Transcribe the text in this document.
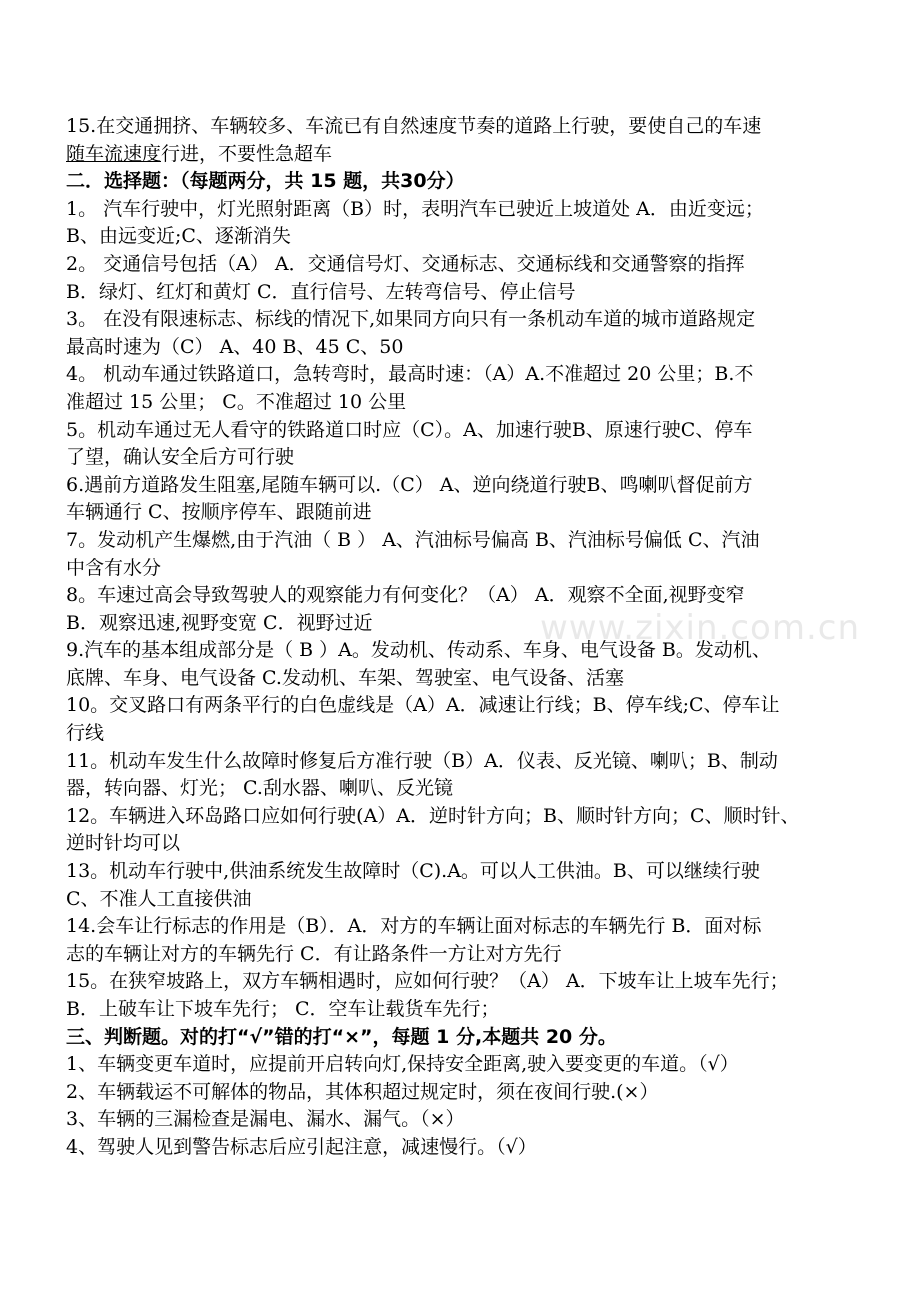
www.zixin.com.cn
15.在交通拥挤、车辆较多、车流已有自然速度节奏的道路上行驶，要使自己的车速
随车流速度行进，不要性急超车
二．选择题：（每题两分，共 15 题，共30分）
1。 汽车行驶中，灯光照射距离（B）时，表明汽车已驶近上坡道处 A．由近变远；
B、由远变近;C、逐渐消失
2。 交通信号包括（A） A．交通信号灯、交通标志、交通标线和交通警察的指挥
B．绿灯、红灯和黄灯 C．直行信号、左转弯信号、停止信号
3。 在没有限速标志、标线的情况下,如果同方向只有一条机动车道的城市道路规定
最高时速为（C） A、40 B、45 C、50
4。 机动车通过铁路道口，急转弯时，最高时速：（A）A.不准超过 20 公里；B.不
准超过 15 公里； C。不准超过 10 公里
5。机动车通过无人看守的铁路道口时应（C）。A、加速行驶B、原速行驶C、停车
了望，确认安全后方可行驶
6.遇前方道路发生阻塞,尾随车辆可以.（C） A、逆向绕道行驶B、鸣喇叭督促前方
车辆通行 C、按顺序停车、跟随前进
7。发动机产生爆燃,由于汽油（ B ） A、汽油标号偏高 B、汽油标号偏低 C、汽油
中含有水分
8。车速过高会导致驾驶人的观察能力有何变化？（A） A．观察不全面,视野变窄
B．观察迅速,视野变宽 C．视野过近
9.汽车的基本组成部分是（ B ）A。发动机、传动系、车身、电气设备 B。发动机、
底牌、车身、电气设备 C.发动机、车架、驾驶室、电气设备、活塞
10。交叉路口有两条平行的白色虚线是（A）A．减速让行线；B、停车线;C、停车让
行线
11。机动车发生什么故障时修复后方准行驶（B）A．仪表、反光镜、喇叭；B、制动
器，转向器、灯光； C.刮水器、喇叭、反光镜
12。车辆进入环岛路口应如何行驶(A）A．逆时针方向；B、顺时针方向；C、顺时针、
逆时针均可以
13。机动车行驶中,供油系统发生故障时（C).A。可以人工供油。B、可以继续行驶
C、不准人工直接供油
14.会车让行标志的作用是（B）．A．对方的车辆让面对标志的车辆先行 B．面对标
志的车辆让对方的车辆先行 C．有让路条件一方让对方先行
15。在狭窄坡路上，双方车辆相遇时，应如何行驶？（A） A．下坡车让上坡车先行；
B．上破车让下坡车先行； C．空车让载货车先行；
三、判断题。对的打“√”错的打“×”，每题 1 分,本题共 20 分。
1、车辆变更车道时，应提前开启转向灯,保持安全距离,驶入要变更的车道。（√）
2、车辆载运不可解体的物品，其体积超过规定时，须在夜间行驶.(×）
3、车辆的三漏检查是漏电、漏水、漏气。（×）
4、驾驶人见到警告标志后应引起注意，减速慢行。（√）
